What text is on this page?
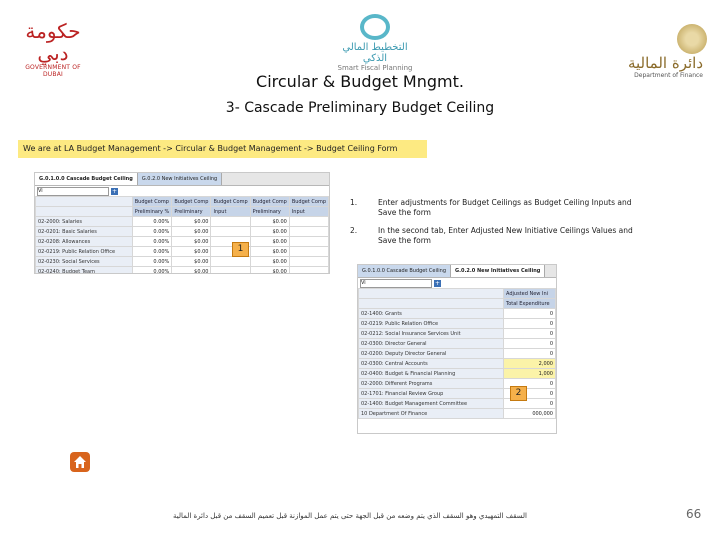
حكومة دبي
GOVERNMENT OF DUBAI
التخطيط المالي الذكي
Smart Fiscal Planning	دائرة المالية
Department of Finance
Circular & Budget Mngmt.
3- Cascade Preliminary Budget Ceiling
We are at LA Budget Management -> Circular & Budget Management -> Budget Ceiling Form
G.0.1.0.0 Cascade Budget Ceiling	G.0.2.0 New Initiatives Ceiling
Vi	+
	Budget Comp	Budget Comp	Budget Comp	Budget Comp	Budget Comp
	Preliminary %	Preliminary	Input	Preliminary	Input
02-2000: Salaries	0.00%	$0.00		$0.00	
02-0201: Basic Salaries	0.00%	$0.00		$0.00	
02-0208: Allowances	0.00%	$0.00		$0.00	
02-0219: Public Relation Office	0.00%	$0.00		$0.00	
02-0230: Social Services	0.00%	$0.00		$0.00	
02-0240: Budget Team	0.00%	$0.00		$0.00	
1
1.	Enter adjustments for Budget Ceilings as Budget Ceiling Inputs and Save the form
2.	In the second tab, Enter Adjusted New Initiative Ceilings Values and Save the form
G.0.1.0.0 Cascade Budget Ceiling	G.0.2.0 New Initiatives Ceiling
Vi	+
	Adjusted New Ini
	Total Expenditure
02-1400: Grants	0
02-0219: Public Relation Office	0
02-0212: Social Insurance Services Unit	0
02-0300: Director General	0
02-0200: Deputy Director General	0
02-0300: Central Accounts	2,000
02-0400: Budget & Financial Planning	1,000
02-2000: Different Programs	0
02-1701: Financial Review Group	0
02-1400: Budget Management Committee	0
10 Department Of Finance	000,000
2
السقف التمهيدي وهو السقف الذي يتم وضعه من قبل الجهة حتى يتم عمل الموازنة قبل تعميم السقف من قبل دائرة المالية	66
